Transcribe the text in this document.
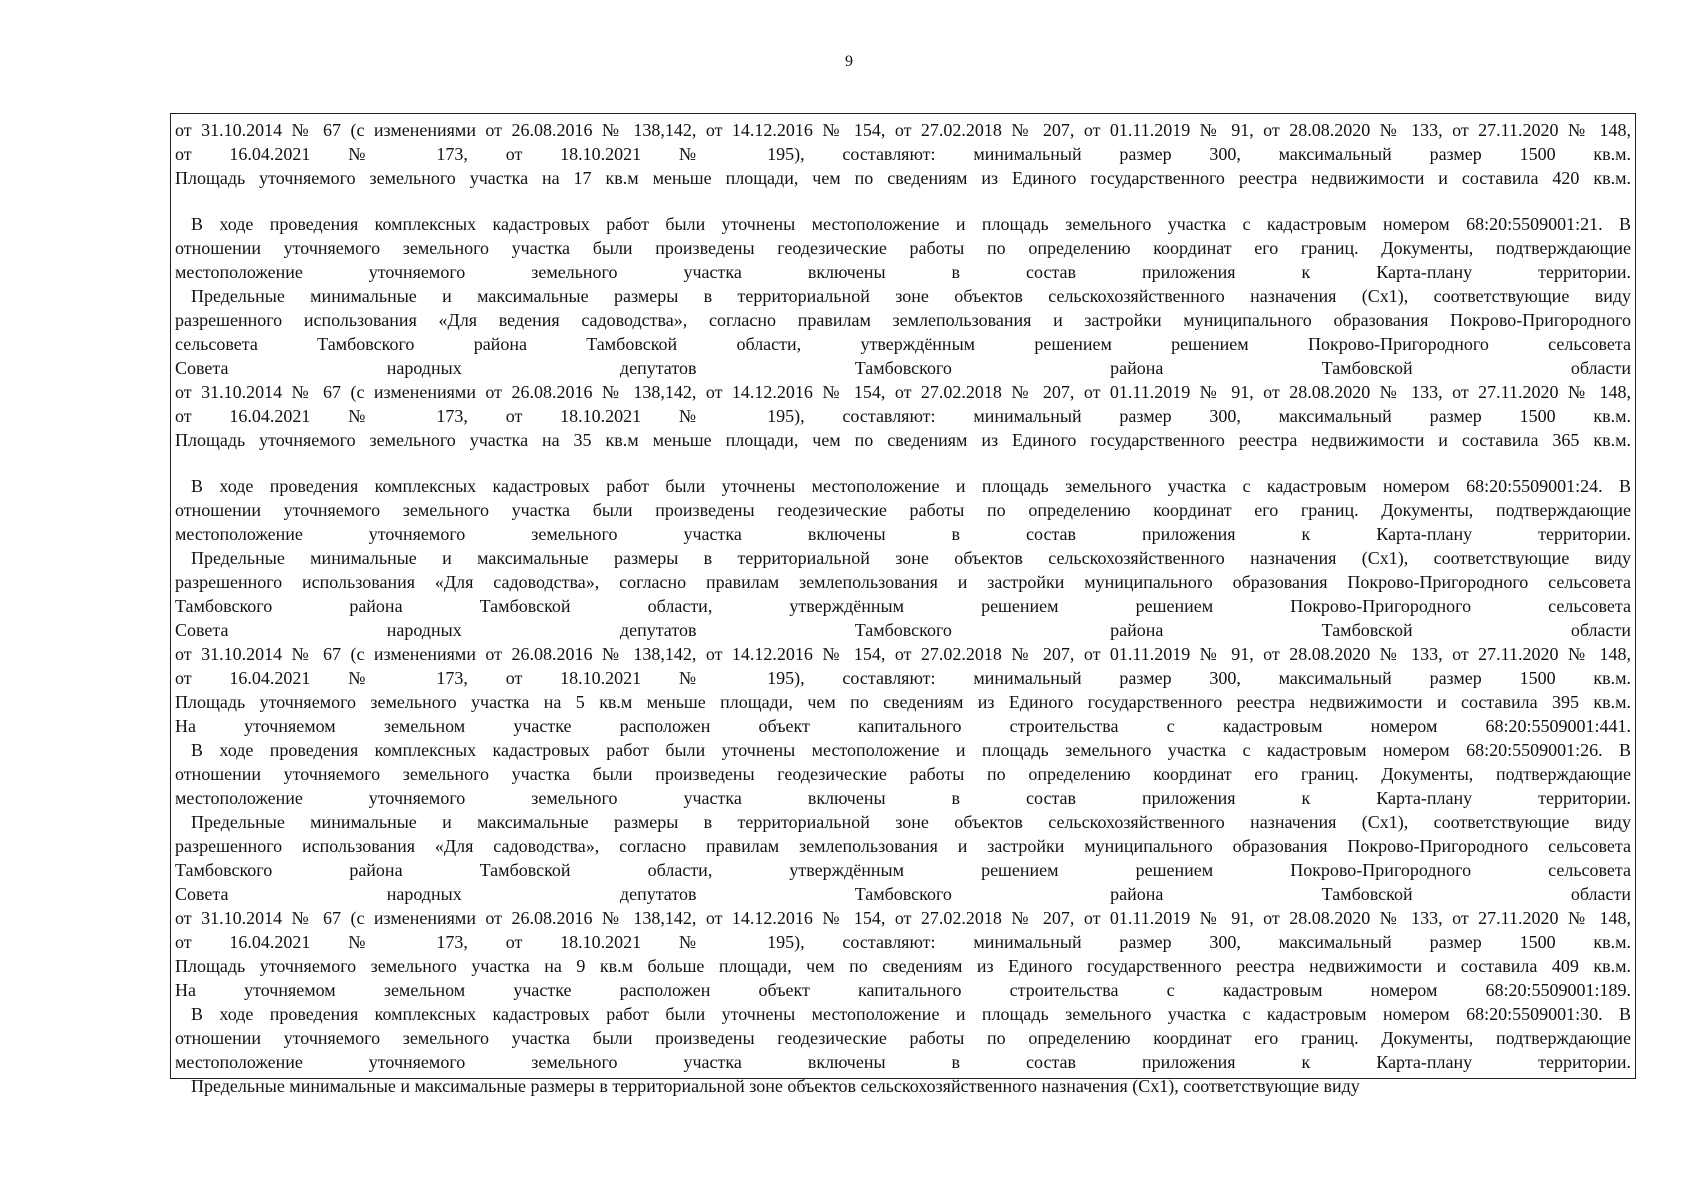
9
от 31.10.2014 № 67 (с изменениями от 26.08.2016 № 138,142, от 14.12.2016 № 154, от 27.02.2018 № 207, от 01.11.2019 № 91, от 28.08.2020 № 133, от 27.11.2020 № 148,
от 16.04.2021 № 173, от 18.10.2021 № 195), составляют: минимальный размер 300, максимальный размер 1500 кв.м.
Площадь уточняемого земельного участка на 17 кв.м меньше площади, чем по сведениям из Единого государственного реестра недвижимости и составила 420 кв.м.
В ходе проведения комплексных кадастровых работ были уточнены местоположение и площадь земельного участка с кадастровым номером 68:20:5509001:21. В
отношении уточняемого земельного участка были произведены геодезические работы по определению координат его границ. Документы, подтверждающие
местоположение уточняемого земельного участка включены в состав приложения к Карта-плану территории.
Предельные минимальные и максимальные размеры в территориальной зоне объектов сельскохозяйственного назначения (Сх1), соответствующие виду
разрешенного использования «Для ведения садоводства», согласно правилам землепользования и застройки муниципального образования Покрово-Пригородного
сельсовета Тамбовского района Тамбовской области, утверждённым решением решением Покрово-Пригородного сельсовета
Совета народных депутатов Тамбовского района Тамбовской области
от 31.10.2014 № 67 (с изменениями от 26.08.2016 № 138,142, от 14.12.2016 № 154, от 27.02.2018 № 207, от 01.11.2019 № 91, от 28.08.2020 № 133, от 27.11.2020 № 148,
от 16.04.2021 № 173, от 18.10.2021 № 195), составляют: минимальный размер 300, максимальный размер 1500 кв.м.
Площадь уточняемого земельного участка на 35 кв.м меньше площади, чем по сведениям из Единого государственного реестра недвижимости и составила 365 кв.м.
В ходе проведения комплексных кадастровых работ были уточнены местоположение и площадь земельного участка с кадастровым номером 68:20:5509001:24. В
отношении уточняемого земельного участка были произведены геодезические работы по определению координат его границ. Документы, подтверждающие
местоположение уточняемого земельного участка включены в состав приложения к Карта-плану территории.
Предельные минимальные и максимальные размеры в территориальной зоне объектов сельскохозяйственного назначения (Сх1), соответствующие виду
разрешенного использования «Для садоводства», согласно правилам землепользования и застройки муниципального образования Покрово-Пригородного сельсовета
Тамбовского района Тамбовской области, утверждённым решением решением Покрово-Пригородного сельсовета
Совета народных депутатов Тамбовского района Тамбовской области
от 31.10.2014 № 67 (с изменениями от 26.08.2016 № 138,142, от 14.12.2016 № 154, от 27.02.2018 № 207, от 01.11.2019 № 91, от 28.08.2020 № 133, от 27.11.2020 № 148,
от 16.04.2021 № 173, от 18.10.2021 № 195), составляют: минимальный размер 300, максимальный размер 1500 кв.м.
Площадь уточняемого земельного участка на 5 кв.м меньше площади, чем по сведениям из Единого государственного реестра недвижимости и составила 395 кв.м.
На уточняемом земельном участке расположен объект капитального строительства с кадастровым номером 68:20:5509001:441.
В ходе проведения комплексных кадастровых работ были уточнены местоположение и площадь земельного участка с кадастровым номером 68:20:5509001:26. В
отношении уточняемого земельного участка были произведены геодезические работы по определению координат его границ. Документы, подтверждающие
местоположение уточняемого земельного участка включены в состав приложения к Карта-плану территории.
Предельные минимальные и максимальные размеры в территориальной зоне объектов сельскохозяйственного назначения (Сх1), соответствующие виду
разрешенного использования «Для садоводства», согласно правилам землепользования и застройки муниципального образования Покрово-Пригородного сельсовета
Тамбовского района Тамбовской области, утверждённым решением решением Покрово-Пригородного сельсовета
Совета народных депутатов Тамбовского района Тамбовской области
от 31.10.2014 № 67 (с изменениями от 26.08.2016 № 138,142, от 14.12.2016 № 154, от 27.02.2018 № 207, от 01.11.2019 № 91, от 28.08.2020 № 133, от 27.11.2020 № 148,
от 16.04.2021 № 173, от 18.10.2021 № 195), составляют: минимальный размер 300, максимальный размер 1500 кв.м.
Площадь уточняемого земельного участка на 9 кв.м больше площади, чем по сведениям из Единого государственного реестра недвижимости и составила 409 кв.м.
На уточняемом земельном участке расположен объект капитального строительства с кадастровым номером 68:20:5509001:189.
В ходе проведения комплексных кадастровых работ были уточнены местоположение и площадь земельного участка с кадастровым номером 68:20:5509001:30. В
отношении уточняемого земельного участка были произведены геодезические работы по определению координат его границ. Документы, подтверждающие
местоположение уточняемого земельного участка включены в состав приложения к Карта-плану территории.
Предельные минимальные и максимальные размеры в территориальной зоне объектов сельскохозяйственного назначения (Сх1), соответствующие виду
